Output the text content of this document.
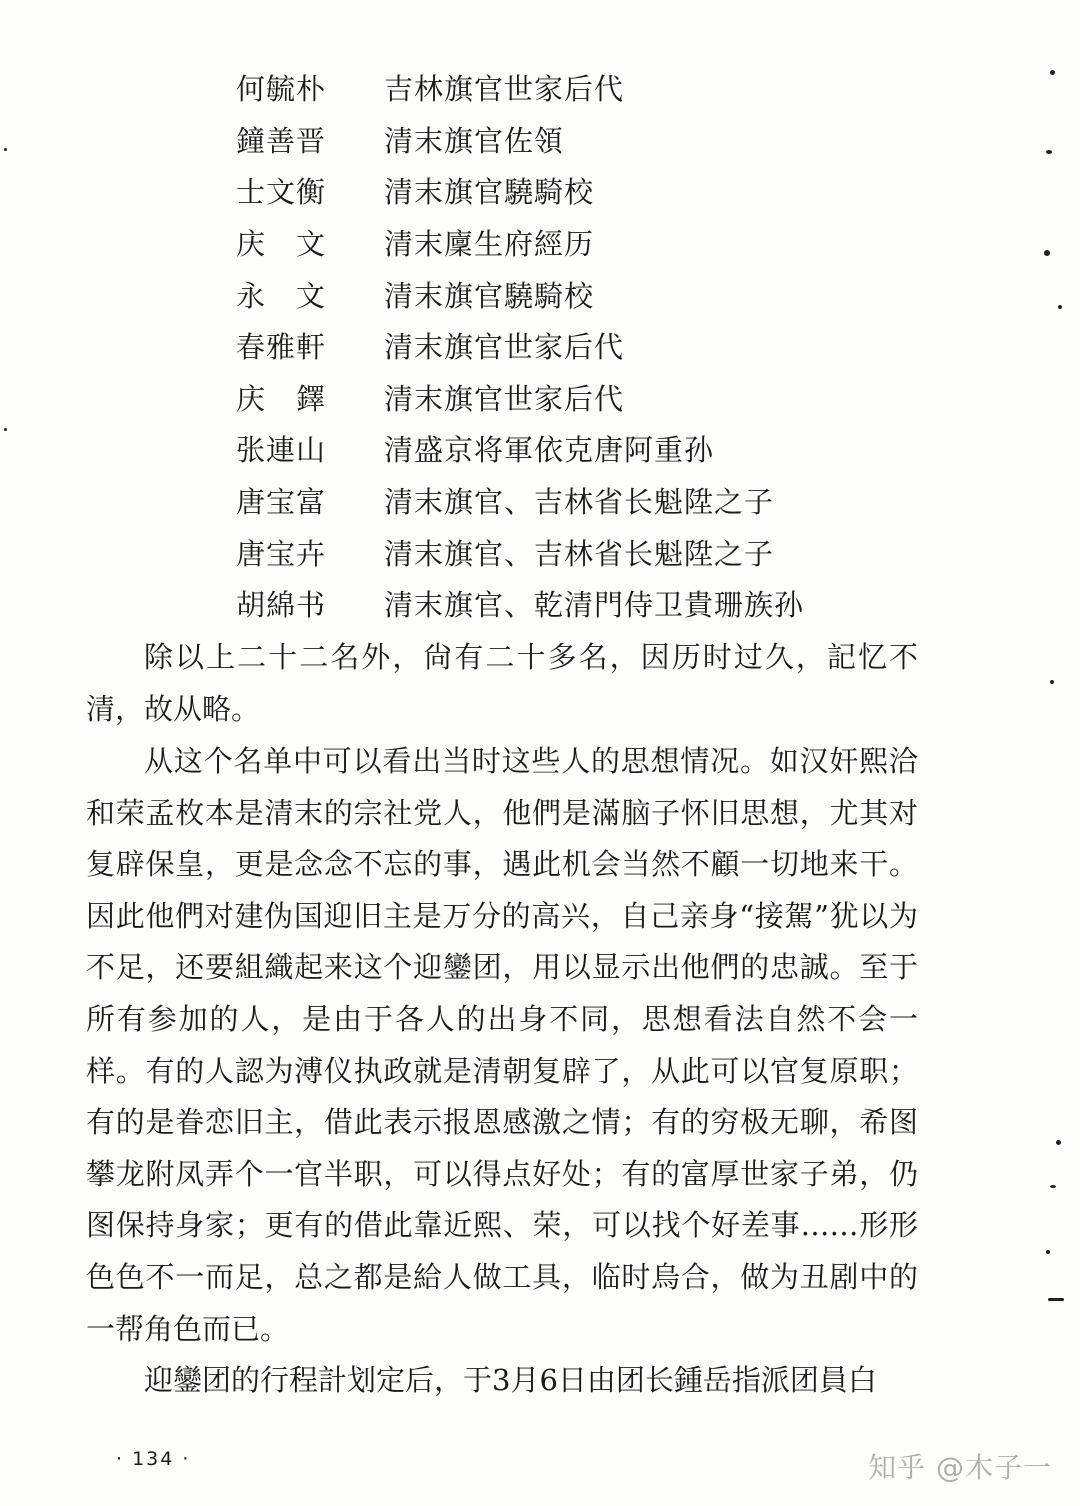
何毓朴	吉林旗官世家后代
鐘善晋	清末旗官佐領
士文衡	清末旗官驍騎校
庆　文	清末廩生府經历
永　文	清末旗官驍騎校
春雅軒	清末旗官世家后代
庆　鐸	清末旗官世家后代
张連山	清盛京将軍依克唐阿重孙
唐宝富	清末旗官、吉林省长魁陞之子
唐宝卉	清末旗官、吉林省长魁陞之子
胡綿书	清末旗官、乾清門侍卫貴珊族孙

除以上二十二名外，尙有二十多名，因历时过久，記忆不清，故从略。

从这个名单中可以看出当时这些人的思想情况。如汉奸熙洽和荣孟枚本是清末的宗社党人，他們是滿脑子怀旧思想，尤其对复辟保皇，更是念念不忘的事，遇此机会当然不顧一切地来干。因此他們对建伪国迎旧主是万分的高兴，自己亲身“接駕”犹以为不足，还要組織起来这个迎鑾团，用以显示出他們的忠誠。至于所有参加的人，是由于各人的出身不同，思想看法自然不会一样。有的人認为溥仪执政就是清朝复辟了，从此可以官复原职；有的是眷恋旧主，借此表示报恩感激之情；有的穷极无聊，希图攀龙附凤弄个一官半职，可以得点好处；有的富厚世家子弟，仍图保持身家；更有的借此靠近熙、荣，可以找个好差事……形形色色不一而足，总之都是給人做工具，临时烏合，做为丑剧中的一帮角色而已。

迎鑾团的行程計划定后，于3月6日由团长鍾岳指派团員白

· 134 ·	知乎 @木子一
